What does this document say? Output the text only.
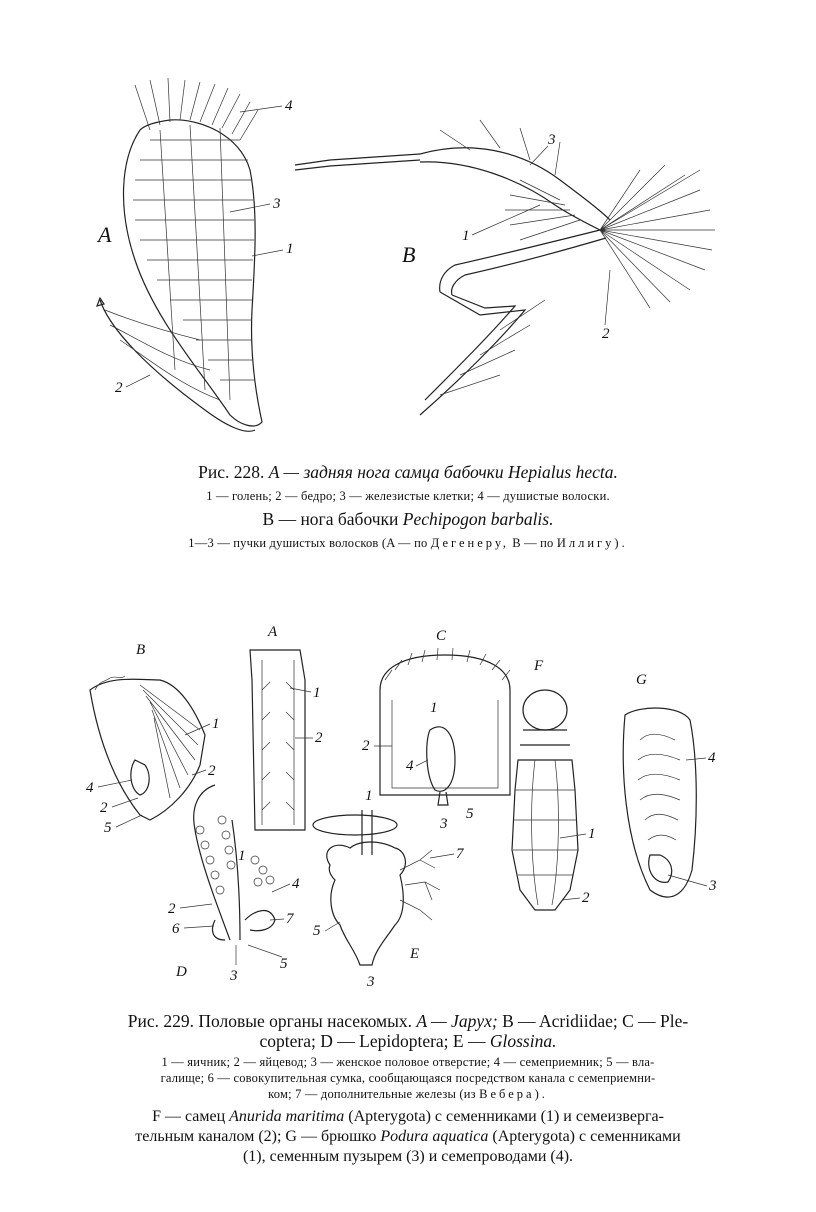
A
4
3
1
2
B
3
1
2
Рис. 228. A — задняя нога самца бабочки Hepialus hecta.
1 — голень; 2 — бедро; 3 — железистые клетки; 4 — душистые волоски.
B — нога бабочки Pechipogon barbalis.
1—3 — пучки душистых волосков (A — по Дегенеру, B — по Иллигу).
B
1
2
4
2
5
A
1
2
C
1
2
4
3
5
F
1
2
G
4
3
D
1
4
2
7
6
5
3
1
7
5
E
3
Рис. 229. Половые органы насекомых. A — Japyx; B — Acridiidae; C — Ple-
coptera; D — Lepidoptera; E — Glossina.
1 — яичник; 2 — яйцевод; 3 — женское половое отверстие; 4 — семеприемник; 5 — вла-
галище; 6 — совокупительная сумка, сообщающаяся посредством канала с семеприемни-
ком; 7 — дополнительные железы (из Вебера).
F — самец Anurida maritima (Apterygota) с семенниками (1) и семеизверга-
тельным каналом (2); G — брюшко Podura aquatica (Apterygota) с семенниками
(1), семенным пузырем (3) и семепроводами (4).
